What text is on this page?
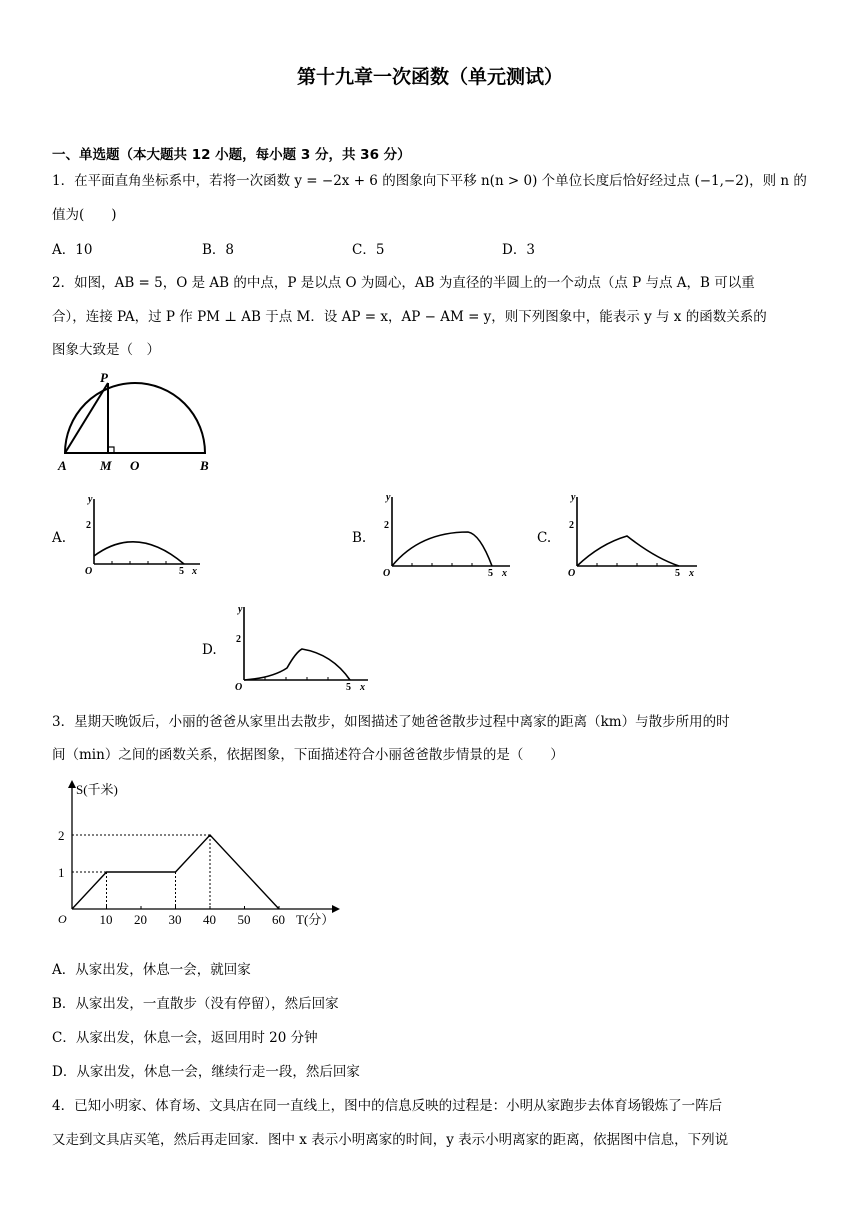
第十九章一次函数（单元测试）
一、单选题（本大题共 12 小题，每小题 3 分，共 36 分）
1．在平面直角坐标系中，若将一次函数 y = −2x + 6 的图象向下平移 n(n > 0) 个单位长度后恰好经过点 (−1,−2)，则 n 的
值为(　　)
A．10	B．8	C．5	D．3
2．如图，AB = 5，O 是 AB 的中点，P 是以点 O 为圆心，AB 为直径的半圆上的一个动点（点 P 与点 A，B 可以重
合），连接 PA，过 P 作 PM ⊥ AB 于点 M．设 AP = x，AP − AM = y，则下列图象中，能表示 y 与 x 的函数关系的
图象大致是（　）
P
A	M O	B
A.
y
2
O	5 x
B.
y
2
O	5 x
C.
y
2
O	5 x
D.
y
2
O	5 x
3．星期天晚饭后，小丽的爸爸从家里出去散步，如图描述了她爸爸散步过程中离家的距离（km）与散步所用的时
间（min）之间的函数关系，依据图象，下面描述符合小丽爸爸散步情景的是（　　）
S(千米)
T(分）
O	10 20 30 40 50 60
1
2
A．从家出发，休息一会，就回家
B．从家出发，一直散步（没有停留），然后回家
C．从家出发，休息一会，返回用时 20 分钟
D．从家出发，休息一会，继续行走一段，然后回家
4．已知小明家、体育场、文具店在同一直线上，图中的信息反映的过程是：小明从家跑步去体育场锻炼了一阵后
又走到文具店买笔，然后再走回家．图中 x 表示小明离家的时间，y 表示小明离家的距离，依据图中信息，下列说
